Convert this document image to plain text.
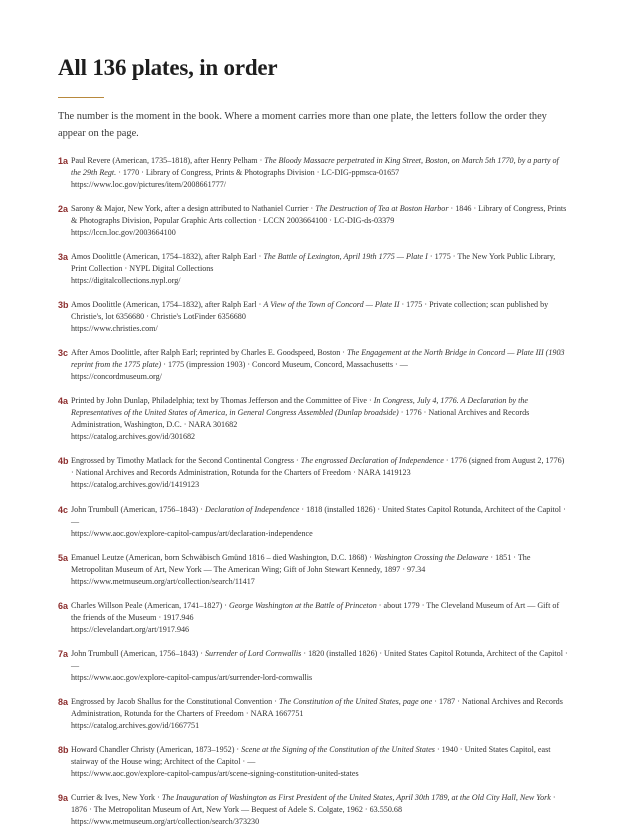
All 136 plates, in order

The number is the moment in the book. Where a moment carries more than one plate, the letters follow the order they appear on the page.

1a Paul Revere (American, 1735–1818), after Henry Pelham · The Bloody Massacre perpetrated in King Street, Boston, on March 5th 1770, by a party of the 29th Regt. · 1770 · Library of Congress, Prints & Photographs Division · LC-DIG-ppmsca-01657
https://www.loc.gov/pictures/item/2008661777/
2a Sarony & Major, New York, after a design attributed to Nathaniel Currier · The Destruction of Tea at Boston Harbor · 1846 · Library of Congress, Prints & Photographs Division, Popular Graphic Arts collection · LCCN 2003664100 · LC-DIG-ds-03379
https://lccn.loc.gov/2003664100
3a Amos Doolittle (American, 1754–1832), after Ralph Earl · The Battle of Lexington, April 19th 1775 — Plate I · 1775 · The New York Public Library, Print Collection · NYPL Digital Collections
https://digitalcollections.nypl.org/
3b Amos Doolittle (American, 1754–1832), after Ralph Earl · A View of the Town of Concord — Plate II · 1775 · Private collection; scan published by Christie's, lot 6356680 · Christie's LotFinder 6356680
https://www.christies.com/
3c After Amos Doolittle, after Ralph Earl; reprinted by Charles E. Goodspeed, Boston · The Engagement at the North Bridge in Concord — Plate III (1903 reprint from the 1775 plate) · 1775 (impression 1903) · Concord Museum, Concord, Massachusetts · —
https://concordmuseum.org/
4a Printed by John Dunlap, Philadelphia; text by Thomas Jefferson and the Committee of Five · In Congress, July 4, 1776. A Declaration by the Representatives of the United States of America, in General Congress Assembled (Dunlap broadside) · 1776 · National Archives and Records Administration, Washington, D.C. · NARA 301682
https://catalog.archives.gov/id/301682
4b Engrossed by Timothy Matlack for the Second Continental Congress · The engrossed Declaration of Independence · 1776 (signed from August 2, 1776) · National Archives and Records Administration, Rotunda for the Charters of Freedom · NARA 1419123
https://catalog.archives.gov/id/1419123
4c John Trumbull (American, 1756–1843) · Declaration of Independence · 1818 (installed 1826) · United States Capitol Rotunda, Architect of the Capitol · —
https://www.aoc.gov/explore-capitol-campus/art/declaration-independence
5a Emanuel Leutze (American, born Schwäbisch Gmünd 1816 – died Washington, D.C. 1868) · Washington Crossing the Delaware · 1851 · The Metropolitan Museum of Art, New York — The American Wing; Gift of John Stewart Kennedy, 1897 · 97.34
https://www.metmuseum.org/art/collection/search/11417
6a Charles Willson Peale (American, 1741–1827) · George Washington at the Battle of Princeton · about 1779 · The Cleveland Museum of Art — Gift of the friends of the Museum · 1917.946
https://clevelandart.org/art/1917.946
7a John Trumbull (American, 1756–1843) · Surrender of Lord Cornwallis · 1820 (installed 1826) · United States Capitol Rotunda, Architect of the Capitol · —
https://www.aoc.gov/explore-capitol-campus/art/surrender-lord-cornwallis
8a Engrossed by Jacob Shallus for the Constitutional Convention · The Constitution of the United States, page one · 1787 · National Archives and Records Administration, Rotunda for the Charters of Freedom · NARA 1667751
https://catalog.archives.gov/id/1667751
8b Howard Chandler Christy (American, 1873–1952) · Scene at the Signing of the Constitution of the United States · 1940 · United States Capitol, east stairway of the House wing; Architect of the Capitol · —
https://www.aoc.gov/explore-capitol-campus/art/scene-signing-constitution-united-states
9a Currier & Ives, New York · The Inauguration of Washington as First President of the United States, April 30th 1789, at the Old City Hall, New York · 1876 · The Metropolitan Museum of Art, New York — Bequest of Adele S. Colgate, 1962 · 63.550.68
https://www.metmuseum.org/art/collection/search/373230
